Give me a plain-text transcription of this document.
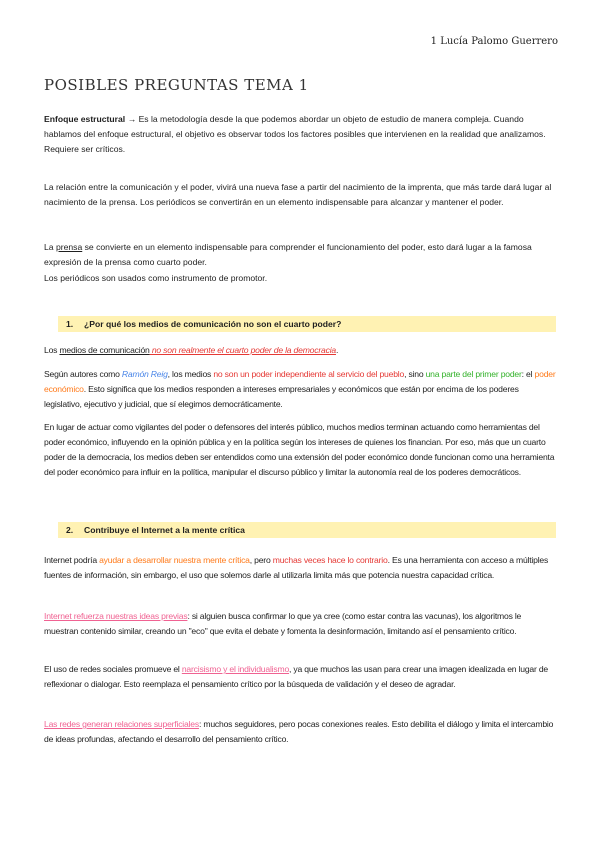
1 Lucía Palomo Guerrero
POSIBLES PREGUNTAS TEMA 1

Enfoque estructural → Es la metodología desde la que podemos abordar un objeto de estudio de manera compleja. Cuando hablamos del enfoque estructural, el objetivo es observar todos los factores posibles que intervienen en la realidad que analizamos. Requiere ser críticos.

La relación entre la comunicación y el poder, vivirá una nueva fase a partir del nacimiento de la imprenta, que más tarde dará lugar al nacimiento de la prensa. Los periódicos se convertirán en un elemento indispensable para alcanzar y mantener el poder.

La prensa se convierte en un elemento indispensable para comprender el funcionamiento del poder, esto dará lugar a la famosa expresión de la prensa como cuarto poder.

Los periódicos son usados como instrumento de promotor.

1. ¿Por qué los medios de comunicación no son el cuarto poder?

Los medios de comunicación no son realmente el cuarto poder de la democracia.

Según autores como Ramón Reig, los medios no son un poder independiente al servicio del pueblo, sino una parte del primer poder: el poder económico. Esto significa que los medios responden a intereses empresariales y económicos que están por encima de los poderes legislativo, ejecutivo y judicial, que sí elegimos democráticamente.

En lugar de actuar como vigilantes del poder o defensores del interés público, muchos medios terminan actuando como herramientas del poder económico, influyendo en la opinión pública y en la política según los intereses de quienes los financian. Por eso, más que un cuarto poder de la democracia, los medios deben ser entendidos como una extensión del poder económico donde funcionan como una herramienta del poder económico para influir en la política, manipular el discurso público y limitar la autonomía real de los poderes democráticos.

2. Contribuye el Internet a la mente crítica

Internet podría ayudar a desarrollar nuestra mente crítica, pero muchas veces hace lo contrario. Es una herramienta con acceso a múltiples fuentes de información, sin embargo, el uso que solemos darle al utilizarla limita más que potencia nuestra capacidad crítica.

Internet refuerza nuestras ideas previas: si alguien busca confirmar lo que ya cree (como estar contra las vacunas), los algoritmos le muestran contenido similar, creando un "eco" que evita el debate y fomenta la desinformación, limitando así el pensamiento crítico.

El uso de redes sociales promueve el narcisismo y el individualismo, ya que muchos las usan para crear una imagen idealizada en lugar de reflexionar o dialogar. Esto reemplaza el pensamiento crítico por la búsqueda de validación y el deseo de agradar.

Las redes generan relaciones superficiales: muchos seguidores, pero pocas conexiones reales. Esto debilita el diálogo y limita el intercambio de ideas profundas, afectando el desarrollo del pensamiento crítico.
